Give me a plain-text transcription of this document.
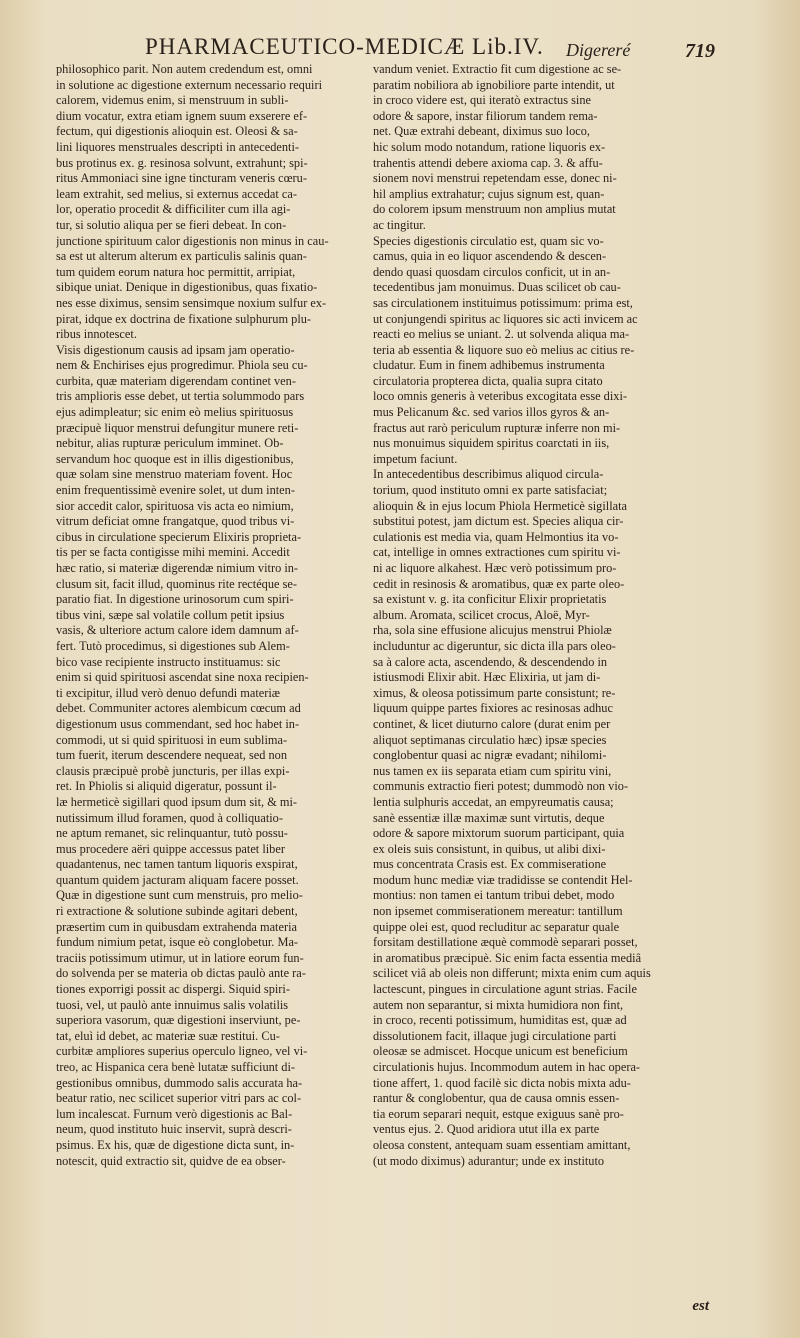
PHARMACEUTICO-MEDICÆ Lib.IV. Digereré	719
philosophico parit. Non autem credendum est, omni
in solutione ac digestione externum necessario requiri
calorem, videmus enim, si menstruum in subli-
dium vocatur, extra etiam ignem suum exserere ef-
fectum, qui digestionis alioquin est. Oleosi & sa-
lini liquores menstruales descripti in antecedenti-
bus protinus ex. g. resinosa solvunt, extrahunt; spi-
ritus Ammoniaci sine igne tincturam veneris cœru-
leam extrahit, sed melius, si externus accedat ca-
lor, operatio procedit & difficiliter cum illa agi-
tur, si solutio aliqua per se fieri debeat. In con-
junctione spirituum calor digestionis non minus in cau-
sa est ut alterum alterum ex particulis salinis quan-
tum quidem eorum natura hoc permittit, arripiat,
sibique uniat. Denique in digestionibus, quas fixatio-
nes esse diximus, sensim sensimque noxium sulfur ex-
pirat, idque ex doctrina de fixatione sulphurum plu-
ribus innotescet.
Visis digestionum causis ad ipsam jam operatio-
nem & Enchirises ejus progredimur. Phiola seu cu-
curbita, quæ materiam digerendam continet ven-
tris amplioris esse debet, ut tertia solummodo pars
ejus adimpleatur; sic enim eò melius spirituosus
præcipuè liquor menstrui defungitur munere reti-
nebitur, alias rupturæ periculum imminet. Ob-
servandum hoc quoque est in illis digestionibus,
quæ solam sine menstruo materiam fovent. Hoc
enim frequentissimè evenire solet, ut dum inten-
sior accedit calor, spirituosa vis acta eo nimium,
vitrum deficiat omne frangatque, quod tribus vi-
cibus in circulatione specierum Elixiris proprieta-
tis per se facta contigisse mihi memini. Accedit
hæc ratio, si materiæ digerendæ nimium vitro in-
clusum sit, facit illud, quominus rite rectéque se-
paratio fiat. In digestione urinosorum cum spiri-
tibus vini, sæpe sal volatile collum petit ipsius
vasis, & ulteriore actum calore idem damnum af-
fert. Tutò procedimus, si digestiones sub Alem-
bico vase recipiente instructo instituamus: sic
enim si quid spirituosi ascendat sine noxa recipien-
ti excipitur, illud verò denuo defundi materiæ
debet. Communiter actores alembicum cœcum ad
digestionum usus commendant, sed hoc habet in-
commodi, ut si quid spirituosi in eum sublima-
tum fuerit, iterum descendere nequeat, sed non
clausis præcipuè probè juncturis, per illas expi-
ret. In Phiolis si aliquid digeratur, possunt il-
læ hermeticè sigillari quod ipsum dum sit, & mi-
nutissimum illud foramen, quod à colliquatio-
ne aptum remanet, sic relinquantur, tutò possu-
mus procedere aëri quippe accessus patet liber
quadantenus, nec tamen tantum liquoris exspirat,
quantum quidem jacturam aliquam facere posset.
Quæ in digestione sunt cum menstruis, pro melio-
ri extractione & solutione subinde agitari debent,
præsertim cum in quibusdam extrahenda materia
fundum nimium petat, isque eò conglobetur. Ma-
traciis potissimum utimur, ut in latiore eorum fun-
do solvenda per se materia ob dictas paulò ante ra-
tiones exporrigi possit ac dispergi. Siquid spiri-
tuosi, vel, ut paulò ante innuimus salis volatilis
superiora vasorum, quæ digestioni inserviunt, pe-
tat, eluì id debet, ac materiæ suæ restitui. Cu-
curbitæ ampliores superius operculo ligneo, vel vi-
treo, ac Hispanica cera benè lutatæ sufficiunt di-
gestionibus omnibus, dummodo salis accurata ha-
beatur ratio, nec scilicet superior vitri pars ac col-
lum incalescat. Furnum verò digestionis ac Bal-
neum, quod instituto huic inservit, suprà descri-
psimus. Ex his, quæ de digestione dicta sunt, in-
notescit, quid extractio sit, quidve de ea obser-
vandum veniet. Extractio fit cum digestione ac se-
paratim nobiliora ab ignobiliore parte intendit, ut
in croco videre est, qui iteratò extractus sine
odore & sapore, instar filiorum tandem rema-
net. Quæ extrahi debeant, diximus suo loco,
hic solum modo notandum, ratione liquoris ex-
trahentis attendi debere axioma cap. 3. & affu-
sionem novi menstrui repetendam esse, donec ni-
hil amplius extrahatur; cujus signum est, quan-
do colorem ipsum menstruum non amplius mutat
ac tingitur.
Species digestionis circulatio est, quam sic vo-
camus, quia in eo liquor ascendendo & descen-
dendo quasi quosdam circulos conficit, ut in an-
tecedentibus jam monuimus. Duas scilicet ob cau-
sas circulationem instituimus potissimum: prima est,
ut conjungendi spiritus ac liquores sic acti invicem ac
reacti eo melius se uniant. 2. ut solvenda aliqua ma-
teria ab essentia & liquore suo eò melius ac citius re-
cludatur. Eum in finem adhibemus instrumenta
circulatoria propterea dicta, qualia supra citato
loco omnis generis à veteribus excogitata esse dixi-
mus Pelicanum &c. sed varios illos gyros & an-
fractus aut rarò periculum rupturæ inferre non mi-
nus monuimus siquidem spiritus coarctati in iis,
impetum faciunt.
In antecedentibus describimus aliquod circula-
torium, quod instituto omni ex parte satisfaciat;
alioquin & in ejus locum Phiola Hermeticè sigillata
substitui potest, jam dictum est. Species aliqua cir-
culationis est media via, quam Helmontius ita vo-
cat, intellige in omnes extractiones cum spiritu vi-
ni ac liquore alkahest. Hæc verò potissimum pro-
cedit in resinosis & aromatibus, quæ ex parte oleo-
sa existunt v. g. ita conficitur Elixir proprietatis
album. Aromata, scilicet crocus, Aloë, Myr-
rha, sola sine effusione alicujus menstrui Phiolæ
includuntur ac digeruntur, sic dicta illa pars oleo-
sa à calore acta, ascendendo, & descendendo in
istiusmodi Elixir abit. Hæc Elixiria, ut jam di-
ximus, & oleosa potissimum parte consistunt; re-
liquum quippe partes fixiores ac resinosas adhuc
continet, & licet diuturno calore (durat enim per
aliquot septimanas circulatio hæc) ipsæ species
conglobentur quasi ac nigræ evadant; nihilomi-
nus tamen ex iis separata etiam cum spiritu vini,
communis extractio fieri potest; dummodò non vio-
lentia sulphuris accedat, an empyreumatis causa;
sanè essentiæ illæ maximæ sunt virtutis, deque
odore & sapore mixtorum suorum participant, quia
ex oleis suis consistunt, in quibus, ut alibi dixi-
mus concentrata Crasis est. Ex commiseratione
modum hunc mediæ viæ tradidisse se contendit Hel-
montius: non tamen ei tantum tribui debet, modo
non ipsemet commiserationem mereatur: tantillum
quippe olei est, quod recluditur ac separatur quale
forsitam destillatione æquè commodè separari posset,
in aromatibus præcipuè. Sic enim facta essentia mediâ
scilicet viâ ab oleis non differunt; mixta enim cum aquis
lactescunt, pingues in circulatione agunt strias. Facile
autem non separantur, si mixta humidiora non fint,
in croco, recenti potissimum, humiditas est, quæ ad
dissolutionem facit, illaque jugi circulatione parti
oleosæ se admiscet. Hocque unicum est beneficium
circulationis hujus. Incommodum autem in hac opera-
tione affert, 1. quod facilè sic dicta nobis mixta adu-
rantur & conglobentur, qua de causa omnis essen-
tia eorum separari nequit, estque exiguus sanè pro-
ventus ejus. 2. Quod aridiora utut illa ex parte
oleosa constent, antequam suam essentiam amittant,
(ut modo diximus) adurantur; unde ex instituto
est
